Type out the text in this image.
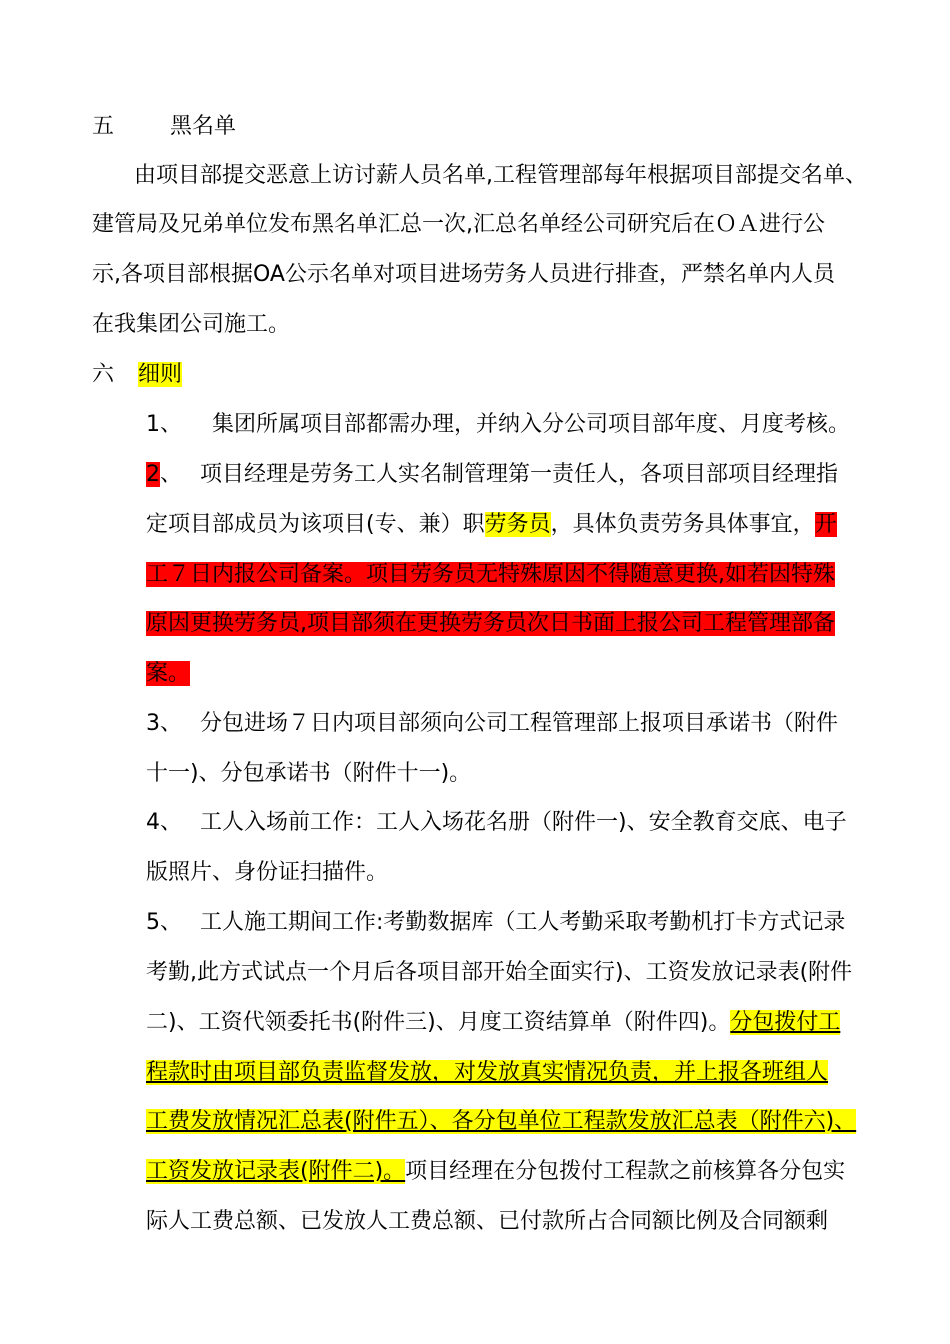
五	黑名单
由项目部提交恶意上访讨薪人员名单,工程管理部每年根据项目部提交名单、
建管局及兄弟单位发布黑名单汇总一次,汇总名单经公司研究后在ＯＡ进行公
示,各项目部根据OA公示名单对项目进场劳务人员进行排查，严禁名单内人员
在我集团公司施工。
六 细则
1、 集团所属项目部都需办理，并纳入分公司项目部年度、月度考核。
2、 项目经理是劳务工人实名制管理第一责任人，各项目部项目经理指
定项目部成员为该项目(专、兼）职劳务员，具体负责劳务具体事宜，开
工７日内报公司备案。项目劳务员无特殊原因不得随意更换,如若因特殊
原因更换劳务员,项目部须在更换劳务员次日书面上报公司工程管理部备
案。
3、 分包进场７日内项目部须向公司工程管理部上报项目承诺书（附件
十一)、分包承诺书（附件十一)。
4、 工人入场前工作：工人入场花名册（附件一)、安全教育交底、电子
版照片、身份证扫描件。
5、 工人施工期间工作:考勤数据库（工人考勤采取考勤机打卡方式记录
考勤,此方式试点一个月后各项目部开始全面实行)、工资发放记录表(附件
二)、工资代领委托书(附件三)、月度工资结算单（附件四)。分包拨付工
程款时由项目部负责监督发放，对发放真实情况负责，并上报各班组人
工费发放情况汇总表(附件五）、各分包单位工程款发放汇总表（附件六)、
工资发放记录表(附件二)。项目经理在分包拨付工程款之前核算各分包实
际人工费总额、已发放人工费总额、已付款所占合同额比例及合同额剩
